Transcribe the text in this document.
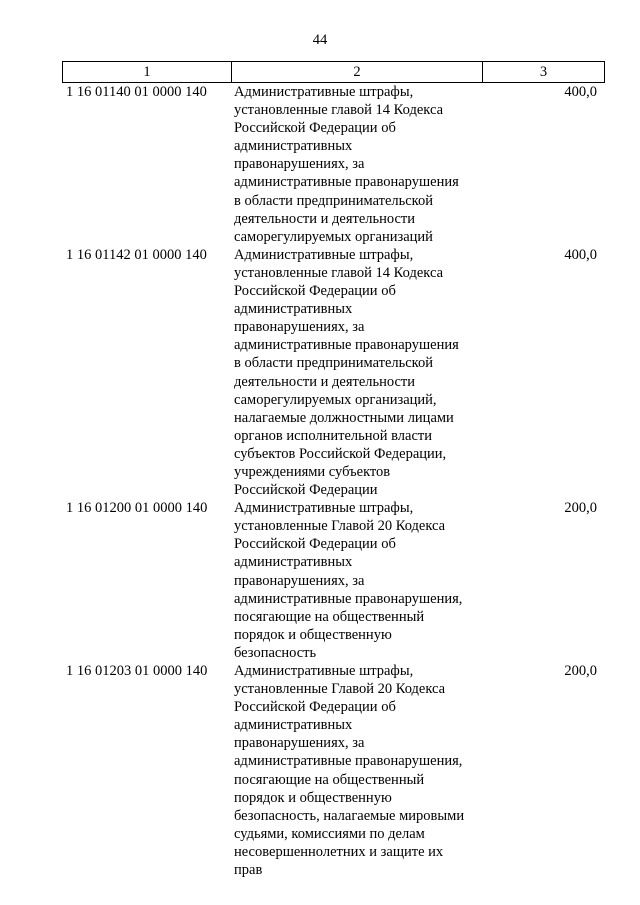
44
1	2	3
1 16 01140 01 0000 140 Административные штрафы,
установленные главой 14 Кодекса
Российской Федерации об
административных
правонарушениях, за
административные правонарушения
в области предпринимательской
деятельности и деятельности
саморегулируемых организаций
400,0
1 16 01142 01 0000 140 Административные штрафы,
установленные главой 14 Кодекса
Российской Федерации об
административных
правонарушениях, за
административные правонарушения
в области предпринимательской
деятельности и деятельности
саморегулируемых организаций,
налагаемые должностными лицами
органов исполнительной власти
субъектов Российской Федерации,
учреждениями субъектов
Российской Федерации
400,0
1 16 01200 01 0000 140 Административные штрафы,
установленные Главой 20 Кодекса
Российской Федерации об
административных
правонарушениях, за
административные правонарушения,
посягающие на общественный
порядок и общественную
безопасность
200,0
1 16 01203 01 0000 140 Административные штрафы,
установленные Главой 20 Кодекса
Российской Федерации об
административных
правонарушениях, за
административные правонарушения,
посягающие на общественный
порядок и общественную
безопасность, налагаемые мировыми
судьями, комиссиями по делам
несовершеннолетних и защите их
прав
200,0
